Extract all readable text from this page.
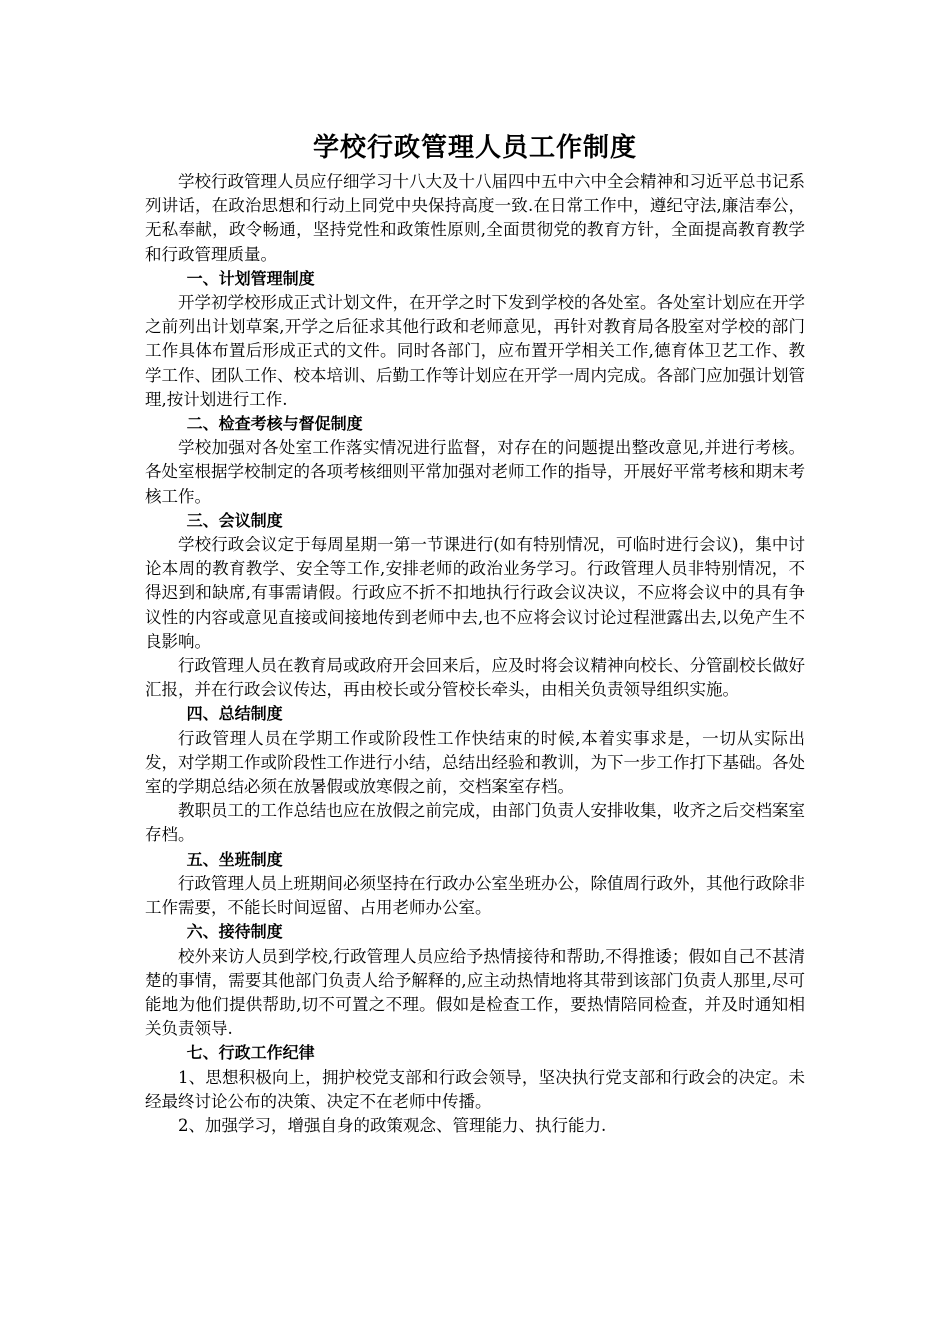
学校行政管理人员工作制度

学校行政管理人员应仔细学习十八大及十八届四中五中六中全会精神和习近平总书记系列讲话，在政治思想和行动上同党中央保持高度一致.在日常工作中，遵纪守法,廉洁奉公，无私奉献，政令畅通，坚持党性和政策性原则,全面贯彻党的教育方针，全面提高教育教学和行政管理质量。

一、计划管理制度

开学初学校形成正式计划文件，在开学之时下发到学校的各处室。各处室计划应在开学之前列出计划草案,开学之后征求其他行政和老师意见，再针对教育局各股室对学校的部门工作具体布置后形成正式的文件。同时各部门，应布置开学相关工作,德育体卫艺工作、教学工作、团队工作、校本培训、后勤工作等计划应在开学一周内完成。各部门应加强计划管理,按计划进行工作.

二、检查考核与督促制度

学校加强对各处室工作落实情况进行监督，对存在的问题提出整改意见,并进行考核。各处室根据学校制定的各项考核细则平常加强对老师工作的指导，开展好平常考核和期末考核工作。

三、会议制度

学校行政会议定于每周星期一第一节课进行(如有特别情况，可临时进行会议)，集中讨论本周的教育教学、安全等工作,安排老师的政治业务学习。行政管理人员非特别情况，不得迟到和缺席,有事需请假。行政应不折不扣地执行行政会议决议，不应将会议中的具有争议性的内容或意见直接或间接地传到老师中去,也不应将会议讨论过程泄露出去,以免产生不良影响。

行政管理人员在教育局或政府开会回来后，应及时将会议精神向校长、分管副校长做好汇报，并在行政会议传达，再由校长或分管校长牵头，由相关负责领导组织实施。

四、总结制度

行政管理人员在学期工作或阶段性工作快结束的时候,本着实事求是，一切从实际出发，对学期工作或阶段性工作进行小结，总结出经验和教训，为下一步工作打下基础。各处室的学期总结必须在放暑假或放寒假之前，交档案室存档。

教职员工的工作总结也应在放假之前完成，由部门负责人安排收集，收齐之后交档案室存档。

五、坐班制度

行政管理人员上班期间必须坚持在行政办公室坐班办公，除值周行政外，其他行政除非工作需要，不能长时间逗留、占用老师办公室。

六、接待制度

校外来访人员到学校,行政管理人员应给予热情接待和帮助,不得推诿；假如自己不甚清楚的事情，需要其他部门负责人给予解释的,应主动热情地将其带到该部门负责人那里,尽可能地为他们提供帮助,切不可置之不理。假如是检查工作，要热情陪同检查，并及时通知相关负责领导.

七、行政工作纪律

1、思想积极向上，拥护校党支部和行政会领导，坚决执行党支部和行政会的决定。未经最终讨论公布的决策、决定不在老师中传播。

2、加强学习，增强自身的政策观念、管理能力、执行能力.
